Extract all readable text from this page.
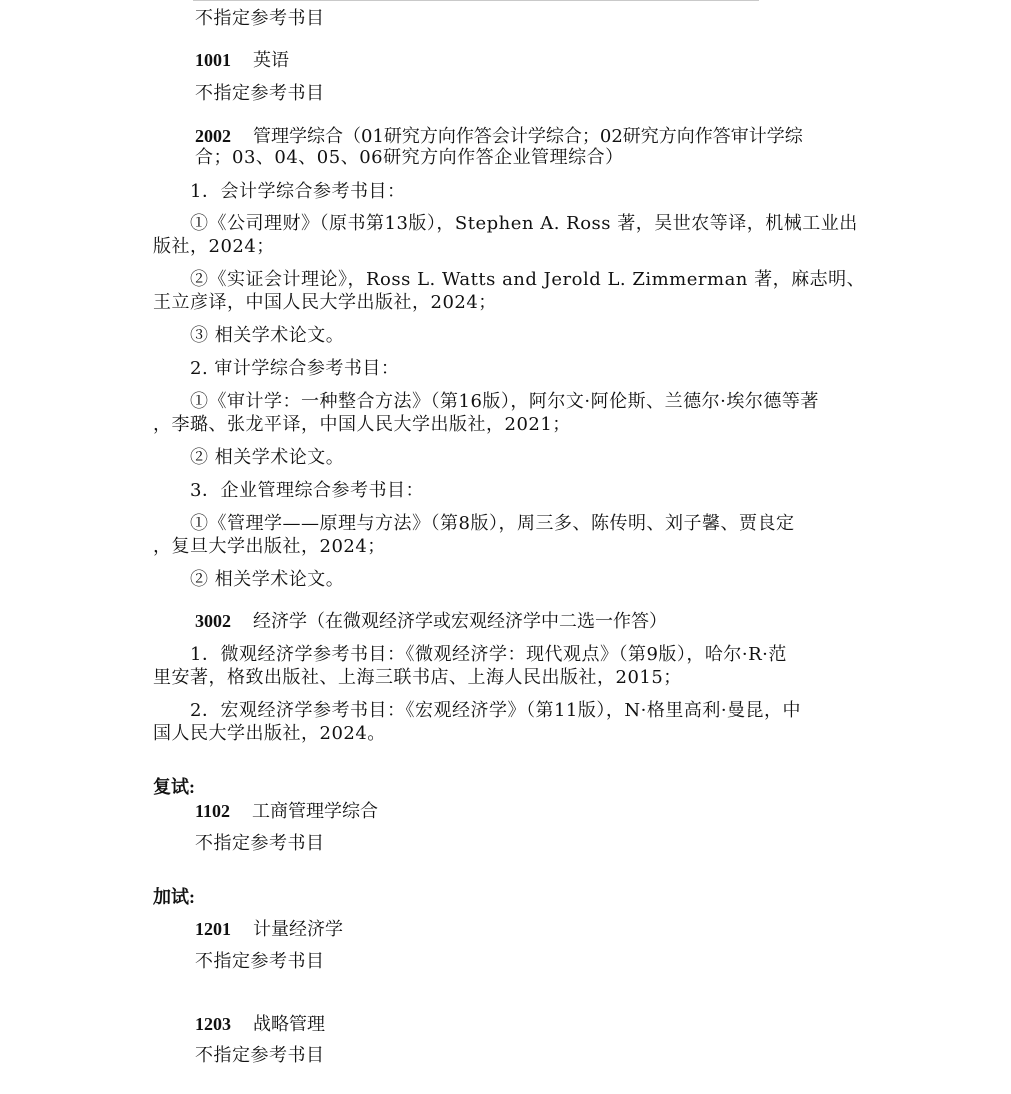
不指定参考书目
1001 英语
不指定参考书目
2002 管理学综合（01研究方向作答会计学综合；02研究方向作答审计学综
合；03、04、05、06研究方向作答企业管理综合）
1．会计学综合参考书目：
①《公司理财》（原书第13版），Stephen A. Ross 著，吴世农等译，机械工业出
版社，2024；
②《实证会计理论》，Ross L. Watts and Jerold L. Zimmerman 著，麻志明、
王立彦译，中国人民大学出版社，2024；
③ 相关学术论文。
2. 审计学综合参考书目：
①《审计学：一种整合方法》（第16版），阿尔文·阿伦斯、兰德尔·埃尔德等著
，李璐、张龙平译，中国人民大学出版社，2021；
② 相关学术论文。
3．企业管理综合参考书目：
①《管理学——原理与方法》（第8版），周三多、陈传明、刘子馨、贾良定
，复旦大学出版社，2024；
② 相关学术论文。
3002 经济学（在微观经济学或宏观经济学中二选一作答）
1．微观经济学参考书目：《微观经济学：现代观点》（第9版），哈尔·R·范
里安著，格致出版社、上海三联书店、上海人民出版社，2015；
2．宏观经济学参考书目：《宏观经济学》（第11版），N·格里高利·曼昆，中
国人民大学出版社，2024。
复试:
1102 工商管理学综合
不指定参考书目
加试:
1201 计量经济学
不指定参考书目
1203 战略管理
不指定参考书目
